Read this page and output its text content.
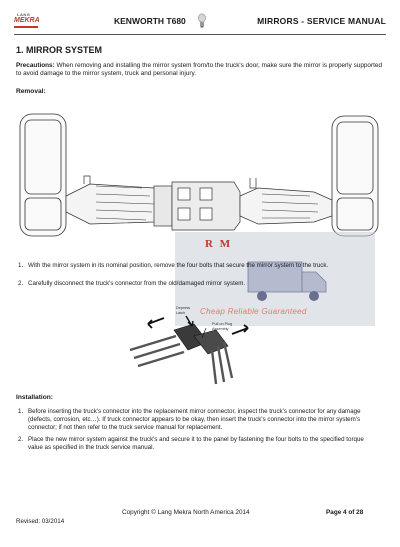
LANG
MEKRA	KENWORTH T680	MIRRORS - SERVICE MANUAL
1. MIRROR SYSTEM
Precautions: When removing and installing the mirror system from/to the truck's door, make sure the mirror is properly supported to avoid damage to the mirror system, truck and personal injury.
Removal:
R M
Cheap Reliable Guaranteed
1. With the mirror system in its nominal position, remove the four bolts that secure the mirror system to the truck.
2. Carefully disconnect the truck's connector from the old/damaged mirror system.
Depress
Latch
Pull on Plug
Assembly
Installation:
1. Before inserting the truck's connector into the replacement mirror connector, inspect the truck's connector for any damage (defects, corrosion, etc…). If truck connector appears to be okay, then insert the truck's connector into the mirror system's connector; if not then refer to the truck service manual for replacement.
2. Place the new mirror system against the truck's and secure it to the panel by fastening the four bolts to the specified torque value as specified in the truck service manual.
Copyright © Lang Mekra North America 2014	Page 4 of 28
Revised: 03/2014
